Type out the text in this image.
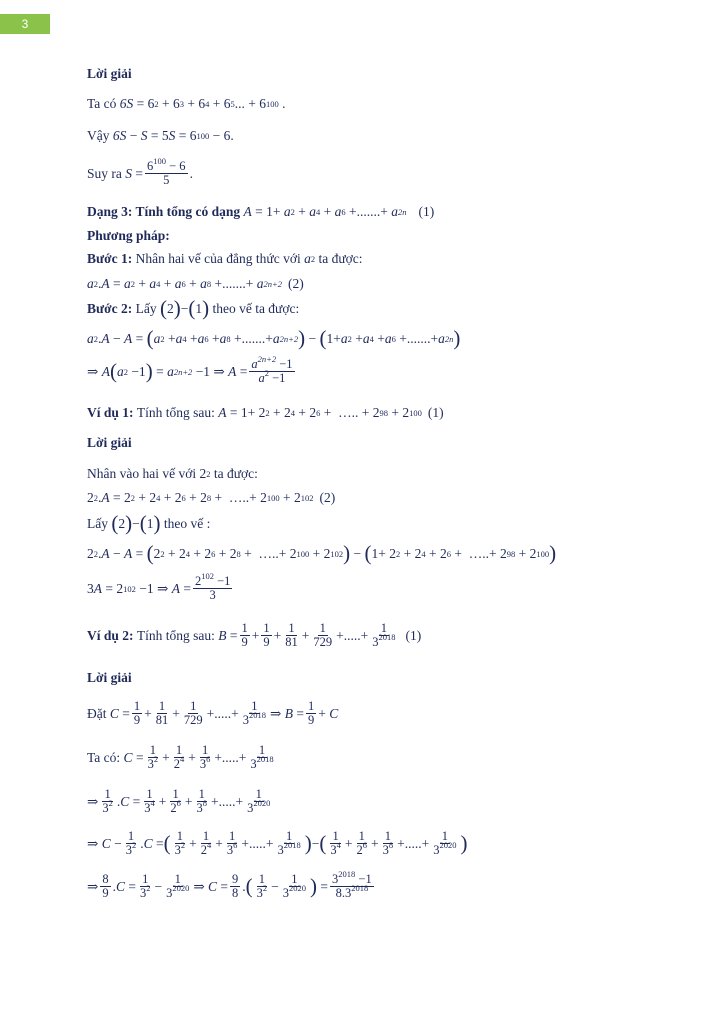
3
Lời giải
Ta có
6S = 6 2 + 6 3 + 6 4 + 6 5 ... + 6 100 .
Vậy
6S − S = 5 S = 6 100 − 6.
Suy ra
$S = \frac{6^{100} - 6}{5}$ .
Dạng 3: Tính tổng có dạng
A = 1+ a 2 + a 4 + a 6 +.......+ a 2n (1)
Phương pháp:
Bước 1:
Nhân hai vế của đẳng thức với
a 2
ta được:
a 2 . A = a 2 + a 4 + a 6 + a 8 +.......+ a 2n+2 (2)
Bước 2:
Lấy
( 2 ) − ( 1 )
theo vế ta được:
a 2 . A − A = ( a 2 + a 4 + a 6 + a 8 +.......+ a 2n+2 ) − ( 1+ a 2 + a 4 + a 6 +.......+ a 2n )
⇒ A ( a 2 −1 ) = a 2n+2 −1 ⇒ $A = \frac{a^{2n+2} -1}{a^2 -1}$
Ví dụ 1:
Tính tổng sau:
A = 1+ 2 2 + 2 4 + 2 6 +  ….. + 2 98 + 2 100 (1)
Lời giải
Nhân vào hai vế với 2 2
ta được:
2 2 . A = 2 2 + 2 4 + 2 6 + 2 8 +  …..+ 2 100 + 2 102 (2)
Lấy
( 2 ) − ( 1 )
theo vế :
2 2 . A − A = ( 2 2 + 2 4 + 2 6 + 2 8 +  …..+ 2 100 + 2 102 ) − ( 1+ 2 2 + 2 4 + 2 6 +  …..+ 2 98 + 2 100 )
3 A = 2 102 −1 ⇒ $A = \frac{2^{102} -1}{3}$
Ví dụ 2:
Tính tổng sau:
$B = \frac{1}{9} + \frac{1}{9} + \frac{1}{81} + \frac{1}{729}$ +.....+ $\frac{1}{3^{2018}} (1)$
Lời giải
Đặt
$C = \frac{1}{9} + \frac{1}{81} + \frac{1}{729}$ +.....+ $\frac{1}{3^{2018}}$ ⇒ $B = \frac{1}{9} + C$
Ta có:
$C = \frac{1}{3^2} + \frac{1}{2^4} + \frac{1}{3^6}$ +.....+ $\frac{1}{3^{2018}}$
⇒ $\frac{1}{3^2}$ . $C = \frac{1}{3^4} + \frac{1}{2^6} + \frac{1}{3^8}$ +.....+ $\frac{1}{3^{2020}}$
⇒ $C - \frac{1}{3^2}$ . C = ( $\frac{1}{3^2} + \frac{1}{2^4} + \frac{1}{3^6}$ +.....+ $\frac{1}{3^{2018}}$ ) − ( $\frac{1}{3^4} + \frac{1}{2^6} + \frac{1}{3^8}$ +.....+ $\frac{1}{3^{2020}}$ )
⇒ $\frac{8}{9}$ . $C = \frac{1}{3^2} - \frac{1}{3^{2020}}$ ⇒ $C = \frac{9}{8}$ . ( $\frac{1}{3^2} - \frac{1}{3^{2020}}$ ) = $\frac{3^{2018} -1}{8.3^{2018}}$
